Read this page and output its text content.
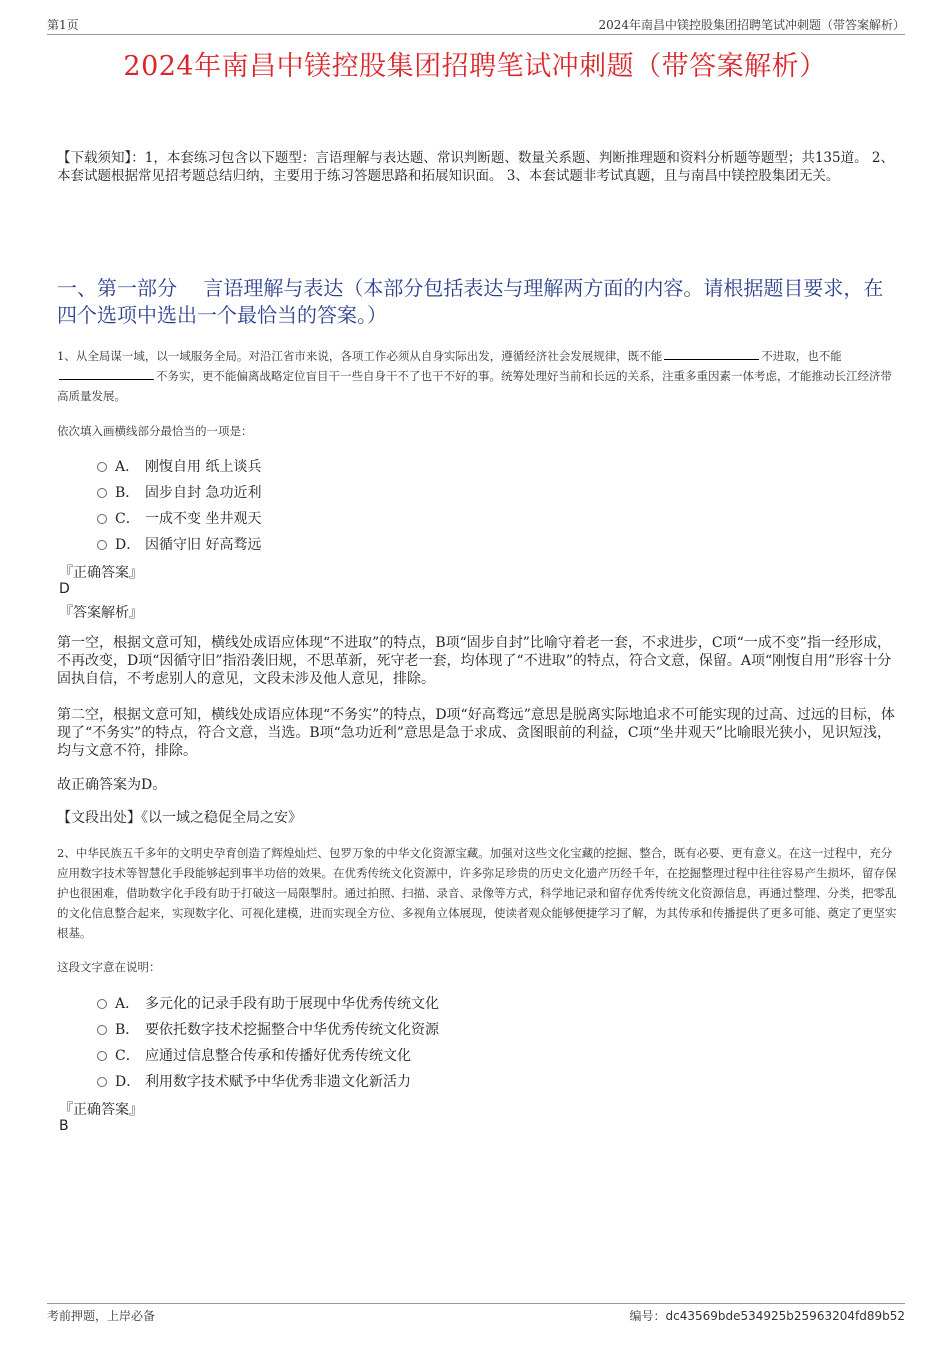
第1页	2024年南昌中镁控股集团招聘笔试冲刺题（带答案解析）
2024年南昌中镁控股集团招聘笔试冲刺题（带答案解析）
【下载须知】：1，本套练习包含以下题型：言语理解与表达题、常识判断题、数量关系题、判断推理题和资料分析题等题型；共135道。 2、本套试题根据常见招考题总结归纳，主要用于练习答题思路和拓展知识面。 3、本套试题非考试真题，且与南昌中镁控股集团无关。
一、第一部分　 言语理解与表达（本部分包括表达与理解两方面的内容。请根据题目要求，在四个选项中选出一个最恰当的答案。）
1、从全局谋一域，以一域服务全局。对沿江省市来说，各项工作必须从自身实际出发，遵循经济社会发展规律，既不能	不进取，也不能不务实，更不能偏离战略定位盲目干一些自身干不了也干不好的事。统筹处理好当前和长远的关系，注重多重因素一体考虑，才能推动长江经济带高质量发展。
依次填入画横线部分最恰当的一项是：
A． 刚愎自用 纸上谈兵
B． 固步自封 急功近利
C． 一成不变 坐井观天
D． 因循守旧 好高骛远
『正确答案』
D
『答案解析』
第一空，根据文意可知，横线处成语应体现“不进取”的特点，B项“固步自封”比喻守着老一套，不求进步，C项“一成不变”指一经形成，不再改变，D项“因循守旧”指沿袭旧规，不思革新，死守老一套，均体现了“不进取”的特点，符合文意，保留。A项“刚愎自用”形容十分固执自信，不考虑别人的意见，文段未涉及他人意见，排除。
第二空，根据文意可知，横线处成语应体现“不务实”的特点，D项“好高骛远”意思是脱离实际地追求不可能实现的过高、过远的目标，体现了“不务实”的特点，符合文意，当选。B项“急功近利”意思是急于求成、贪图眼前的利益，C项“坐井观天”比喻眼光狭小，见识短浅，均与文意不符，排除。
故正确答案为D。
【文段出处】《以一域之稳促全局之安》
2、中华民族五千多年的文明史孕育创造了辉煌灿烂、包罗万象的中华文化资源宝藏。加强对这些文化宝藏的挖掘、整合，既有必要、更有意义。在这一过程中，充分应用数字技术等智慧化手段能够起到事半功倍的效果。在优秀传统文化资源中，许多弥足珍贵的历史文化遗产历经千年，在挖掘整理过程中往往容易产生损坏，留存保护也很困难，借助数字化手段有助于打破这一局限掣肘。通过拍照、扫描、录音、录像等方式，科学地记录和留存优秀传统文化资源信息，再通过整理、分类，把零乱的文化信息整合起来，实现数字化、可视化建模，进而实现全方位、多视角立体展现，使读者观众能够便捷学习了解，为其传承和传播提供了更多可能、奠定了更坚实根基。
这段文字意在说明：
A． 多元化的记录手段有助于展现中华优秀传统文化
B． 要依托数字技术挖掘整合中华优秀传统文化资源
C． 应通过信息整合传承和传播好优秀传统文化
D． 利用数字技术赋予中华优秀非遗文化新活力
『正确答案』
B
考前押题，上岸必备	编号：dc43569bde534925b25963204fd89b52
